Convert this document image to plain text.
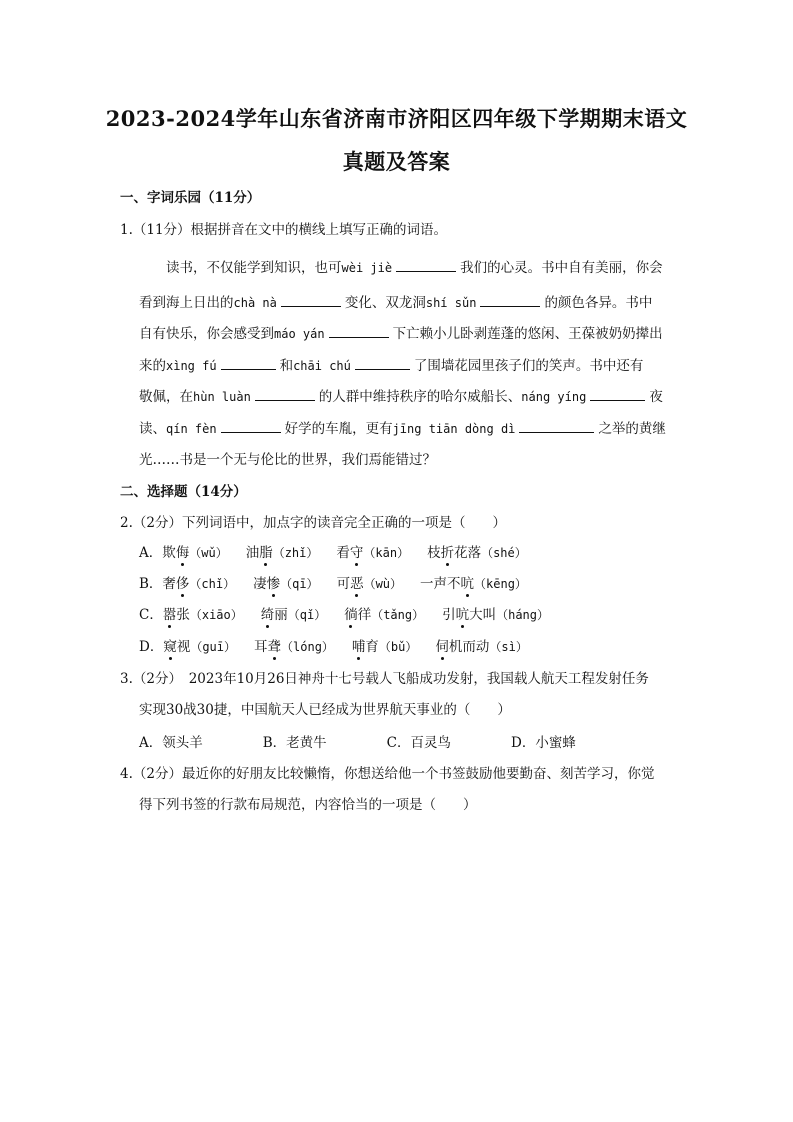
2023-2024学年山东省济南市济阳区四年级下学期期末语文
真题及答案
一、字词乐园（11分）
1.（11分）根据拼音在文中的横线上填写正确的词语。
读书，不仅能学到知识，也可wèi jiè	我们的心灵。书中自有美丽，你会
看到海上日出的chà nà	变化、双龙洞shí sǔn	的颜色各异。书中
自有快乐，你会感受到máo yán	下亡赖小儿卧剥莲蓬的悠闲、王葆被奶奶撵出
来的xìng fú	和chāi chú	了围墙花园里孩子们的笑声。书中还有
敬佩，在hùn luàn	的人群中维持秩序的哈尔威船长、náng yíng	夜
读、qín fèn	好学的车胤，更有jīng tiān dòng dì	之举的黄继
光……书是一个无与伦比的世界，我们焉能错过？
二、选择题（14分）
2.（2分）下列词语中，加点字的读音完全正确的一项是（　　）
A．欺侮（wǔ） 油脂（zhǐ） 看守（kān） 枝折花落（shé）
B．奢侈（chǐ） 凄惨（qī） 可恶（wù） 一声不吭（kēng）
C．嚣张（xiāo） 绮丽（qǐ） 徜徉（tǎng） 引吭大叫（háng）
D．窥视（guī） 耳聋（lóng） 哺育（bǔ） 伺机而动（sì）
3.（2分）　2023年10月26日神舟十七号载人飞船成功发射，我国载人航天工程发射任务
实现30战30捷，中国航天人已经成为世界航天事业的（　　）
A．领头羊	B．老黄牛	C．百灵鸟	D．小蜜蜂
4.（2分）最近你的好朋友比较懒惰，你想送给他一个书签鼓励他要勤奋、刻苦学习，你觉
得下列书签的行款布局规范，内容恰当的一项是（　　）
